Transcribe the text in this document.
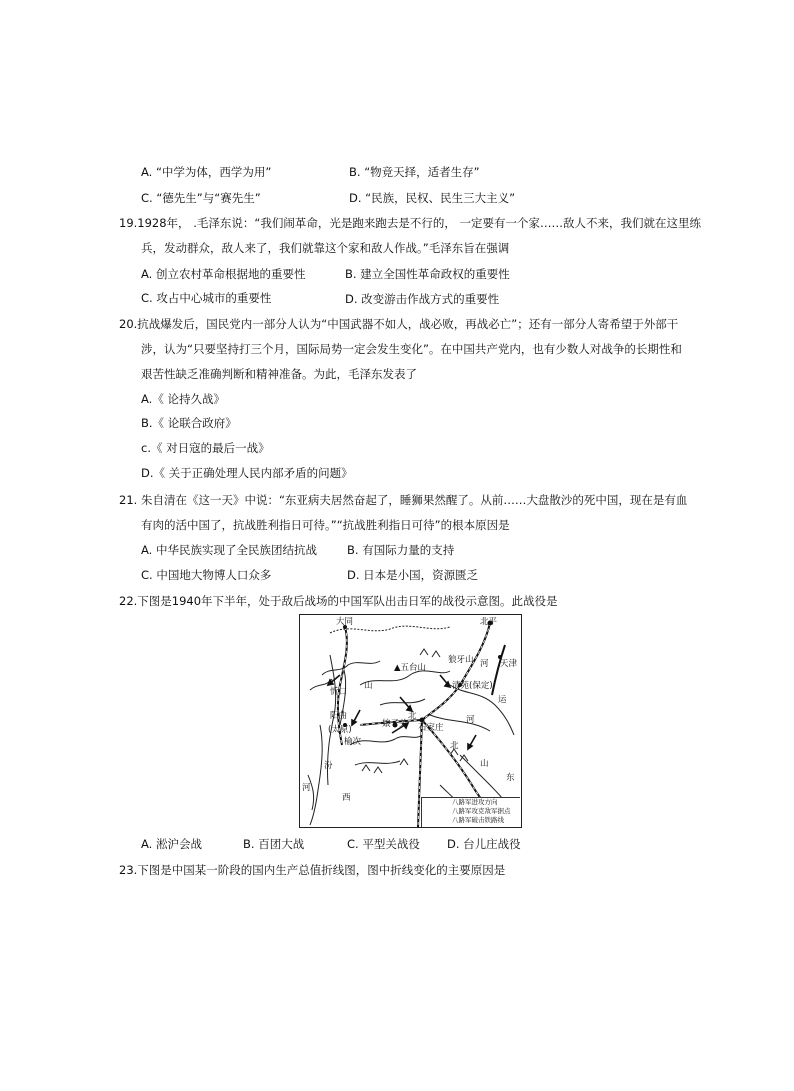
A. “中学为体，西学为用”	B. “物竞天择，适者生存”
C. “德先生”与“赛先生”	D. “民族，民权、民生三大主义”
19.1928年， .毛泽东说：“我们闹革命，光是跑来跑去是不行的， 一定要有一个家……敌人不来，我们就在这里练
兵，发动群众，敌人来了，我们就靠这个家和敌人作战。”毛泽东旨在强调
A. 创立农村革命根据地的重要性	B. 建立全国性革命政权的重要性
C. 攻占中心城市的重要性	D. 改变游击作战方式的重要性
20.抗战爆发后，国民党内一部分人认为“中国武器不如人，战必败，再战必亡”；还有一部分人寄希望于外部干
涉，认为“只要坚持打三个月，国际局势一定会发生变化”。在中国共产党内，也有少数人对战争的长期性和
艰苦性缺乏准确判断和精神准备。为此，毛泽东发表了
A.《 论持久战》
B.《 论联合政府》
c.《 对日寇的最后一战》
D.《 关于正确处理人民内部矛盾的问题》
21. 朱自清在《这一天》中说：“东亚病夫居然奋起了，睡狮果然醒了。从前……大盘散沙的死中国，现在是有血
有肉的活中国了，抗战胜利指日可待。”“抗战胜利指日可待”的根本原因是
A. 中华民族实现了全民族团结抗战	B. 有国际力量的支持
C. 中国地大物博人口众多	D. 日本是小国，资源匮乏
22.下图是1940年下半年，处于敌后战场的中国军队出击日军的战役示意图。此战役是
大同	北平
▲五台山
狼牙山	天津
河
山
忻口
清苑(保定)
运
阳曲
(太原)
娘子关
北
石家庄
榆次
河
北
汾	山
东
河
西	八路军进攻方向
八路军攻克敌军据点
八路军破击铁路线
A. 淞沪会战	B. 百团大战	C. 平型关战役 D. 台儿庄战役
23.下图是中国某一阶段的国内生产总值折线图，图中折线变化的主要原因是
